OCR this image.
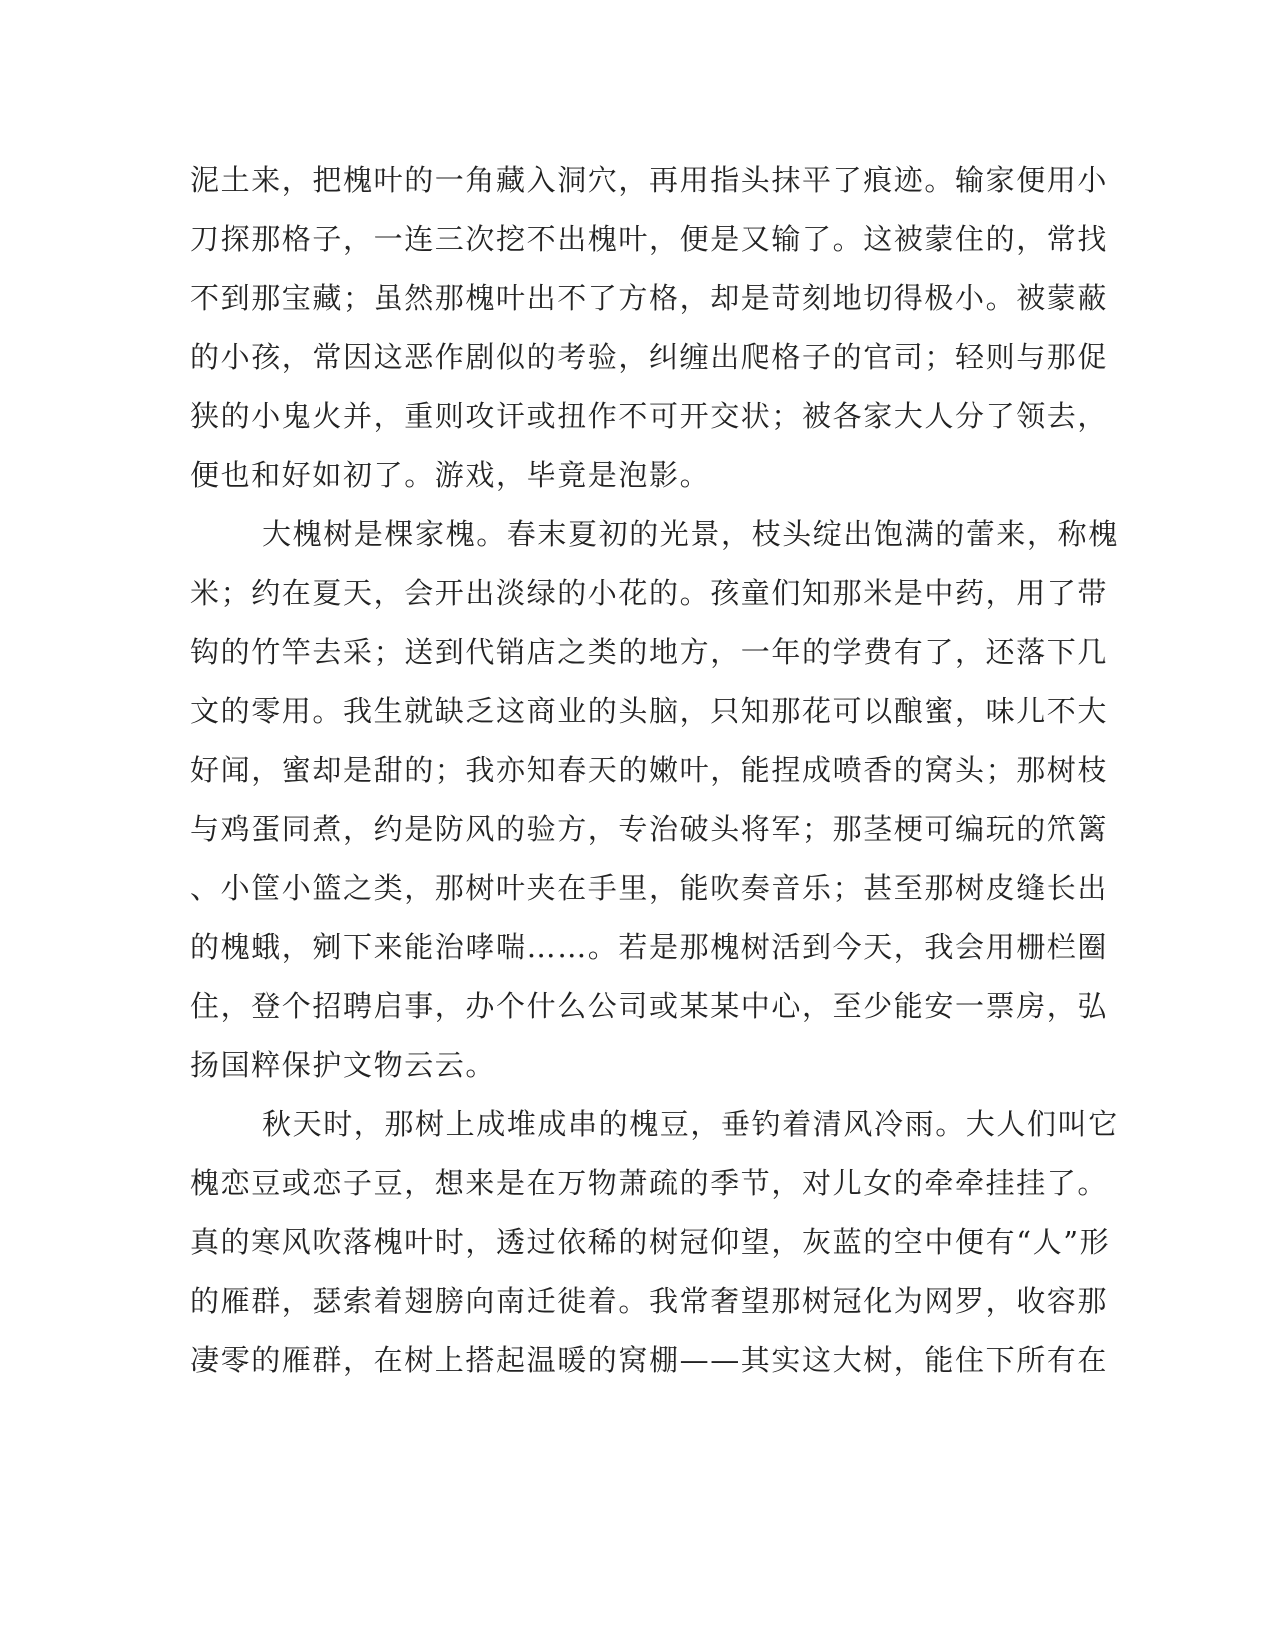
泥土来，把槐叶的一角藏入洞穴，再用指头抹平了痕迹。输家便用小
刀探那格子，一连三次挖不出槐叶，便是又输了。这被蒙住的，常找
不到那宝藏；虽然那槐叶出不了方格，却是苛刻地切得极小。被蒙蔽
的小孩，常因这恶作剧似的考验，纠缠出爬格子的官司；轻则与那促
狭的小鬼火并，重则攻讦或扭作不可开交状；被各家大人分了领去，
便也和好如初了。游戏，毕竟是泡影。
大槐树是棵家槐。春末夏初的光景，枝头绽出饱满的蕾来，称槐
米；约在夏天，会开出淡绿的小花的。孩童们知那米是中药，用了带
钩的竹竿去采；送到代销店之类的地方，一年的学费有了，还落下几
文的零用。我生就缺乏这商业的头脑，只知那花可以酿蜜，味儿不大
好闻，蜜却是甜的；我亦知春天的嫩叶，能捏成喷香的窝头；那树枝
与鸡蛋同煮，约是防风的验方，专治破头将军；那茎梗可编玩的笊篱
、小筐小篮之类，那树叶夹在手里，能吹奏音乐；甚至那树皮缝长出
的槐蛾，剜下来能治哮喘……。若是那槐树活到今天，我会用栅栏圈
住，登个招聘启事，办个什么公司或某某中心，至少能安一票房，弘
扬国粹保护文物云云。
秋天时，那树上成堆成串的槐豆，垂钓着清风冷雨。大人们叫它
槐恋豆或恋子豆，想来是在万物萧疏的季节，对儿女的牵牵挂挂了。
真的寒风吹落槐叶时，透过依稀的树冠仰望，灰蓝的空中便有“人”形
的雁群，瑟索着翅膀向南迁徙着。我常奢望那树冠化为网罗，收容那
凄零的雁群，在树上搭起温暖的窝棚——其实这大树，能住下所有在
